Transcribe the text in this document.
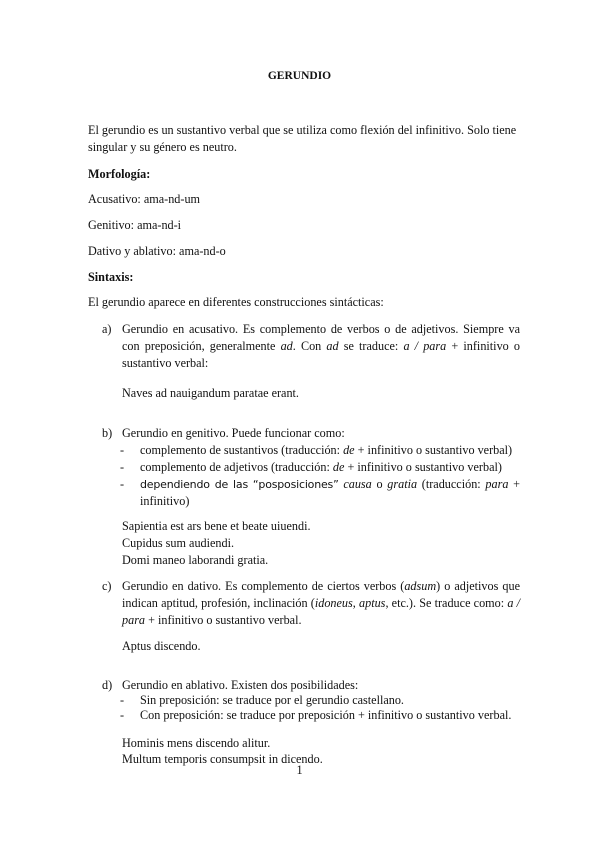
GERUNDIO
El gerundio es un sustantivo verbal que se utiliza como flexión del infinitivo. Solo tiene singular y su género es neutro.
Morfología:
Acusativo: ama-nd-um
Genitivo: ama-nd-i
Dativo y ablativo: ama-nd-o
Sintaxis:
El gerundio aparece en diferentes construcciones sintácticas:
a) Gerundio en acusativo. Es complemento de verbos o de adjetivos. Siempre va
con preposición, generalmente ad. Con ad se traduce: a / para + infinitivo o
sustantivo verbal:
Naves ad nauigandum paratae erant.
b) Gerundio en genitivo. Puede funcionar como:
- complemento de sustantivos (traducción: de + infinitivo o sustantivo verbal)
- complemento de adjetivos (traducción: de + infinitivo o sustantivo verbal)
- dependiendo de las “posposiciones” causa o gratia (traducción: para +
infinitivo)
Sapientia est ars bene et beate uiuendi.
Cupidus sum audiendi.
Domi maneo laborandi gratia.
c) Gerundio en dativo. Es complemento de ciertos verbos (adsum) o adjetivos que
indican aptitud, profesión, inclinación (idoneus, aptus, etc.). Se traduce como: a /
para + infinitivo o sustantivo verbal.
Aptus discendo.
d) Gerundio en ablativo. Existen dos posibilidades:
- Sin preposición: se traduce por el gerundio castellano.
- Con preposición: se traduce por preposición + infinitivo o sustantivo verbal.
Hominis mens discendo alitur.
Multum temporis consumpsit in dicendo.
1
